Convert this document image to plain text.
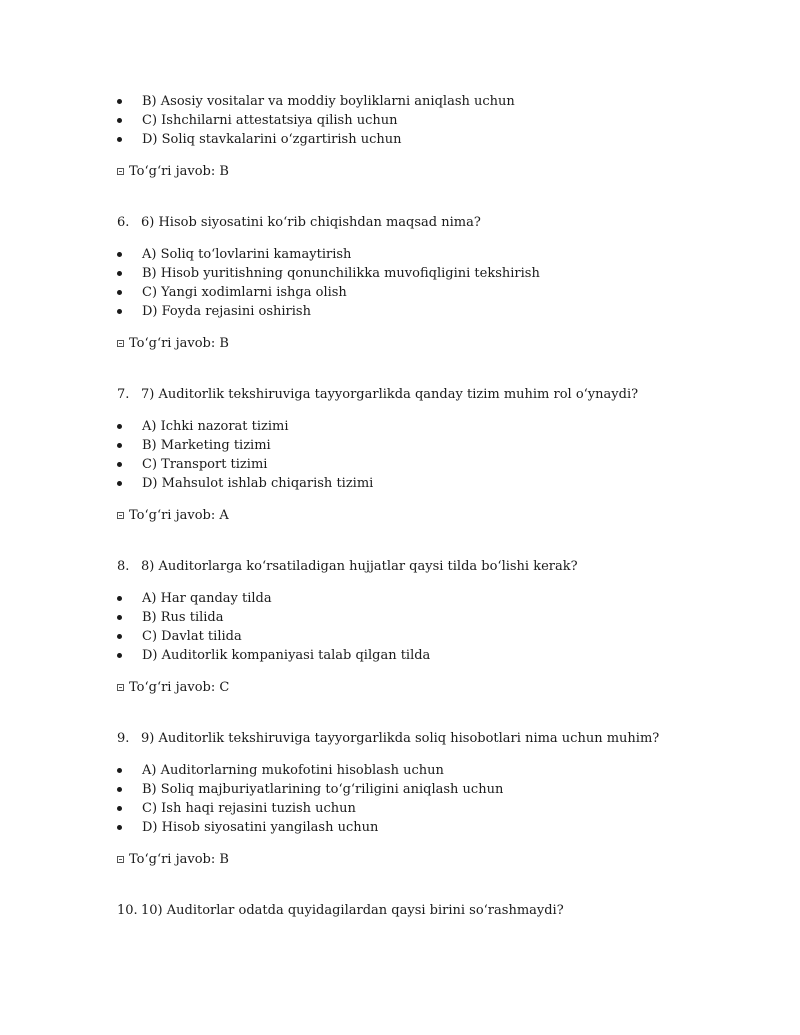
B) Asosiy vositalar va moddiy boyliklarni aniqlash uchun
C) Ishchilarni attestatsiya qilish uchun
D) Soliq stavkalarini o‘zgartirish uchun
To‘g‘ri javob: B
6. 6) Hisob siyosatini ko‘rib chiqishdan maqsad nima?
A) Soliq to‘lovlarini kamaytirish
B) Hisob yuritishning qonunchilikka muvofiqligini tekshirish
C) Yangi xodimlarni ishga olish
D) Foyda rejasini oshirish
To‘g‘ri javob: B
7. 7) Auditorlik tekshiruviga tayyorgarlikda qanday tizim muhim rol o‘ynaydi?
A) Ichki nazorat tizimi
B) Marketing tizimi
C) Transport tizimi
D) Mahsulot ishlab chiqarish tizimi
To‘g‘ri javob: A
8. 8) Auditorlarga ko‘rsatiladigan hujjatlar qaysi tilda bo‘lishi kerak?
A) Har qanday tilda
B) Rus tilida
C) Davlat tilida
D) Auditorlik kompaniyasi talab qilgan tilda
To‘g‘ri javob: C
9. 9) Auditorlik tekshiruviga tayyorgarlikda soliq hisobotlari nima uchun muhim?
A) Auditorlarning mukofotini hisoblash uchun
B) Soliq majburiyatlarining to‘g‘riligini aniqlash uchun
C) Ish haqi rejasini tuzish uchun
D) Hisob siyosatini yangilash uchun
To‘g‘ri javob: B
10. 10) Auditorlar odatda quyidagilardan qaysi birini so‘rashmaydi?
